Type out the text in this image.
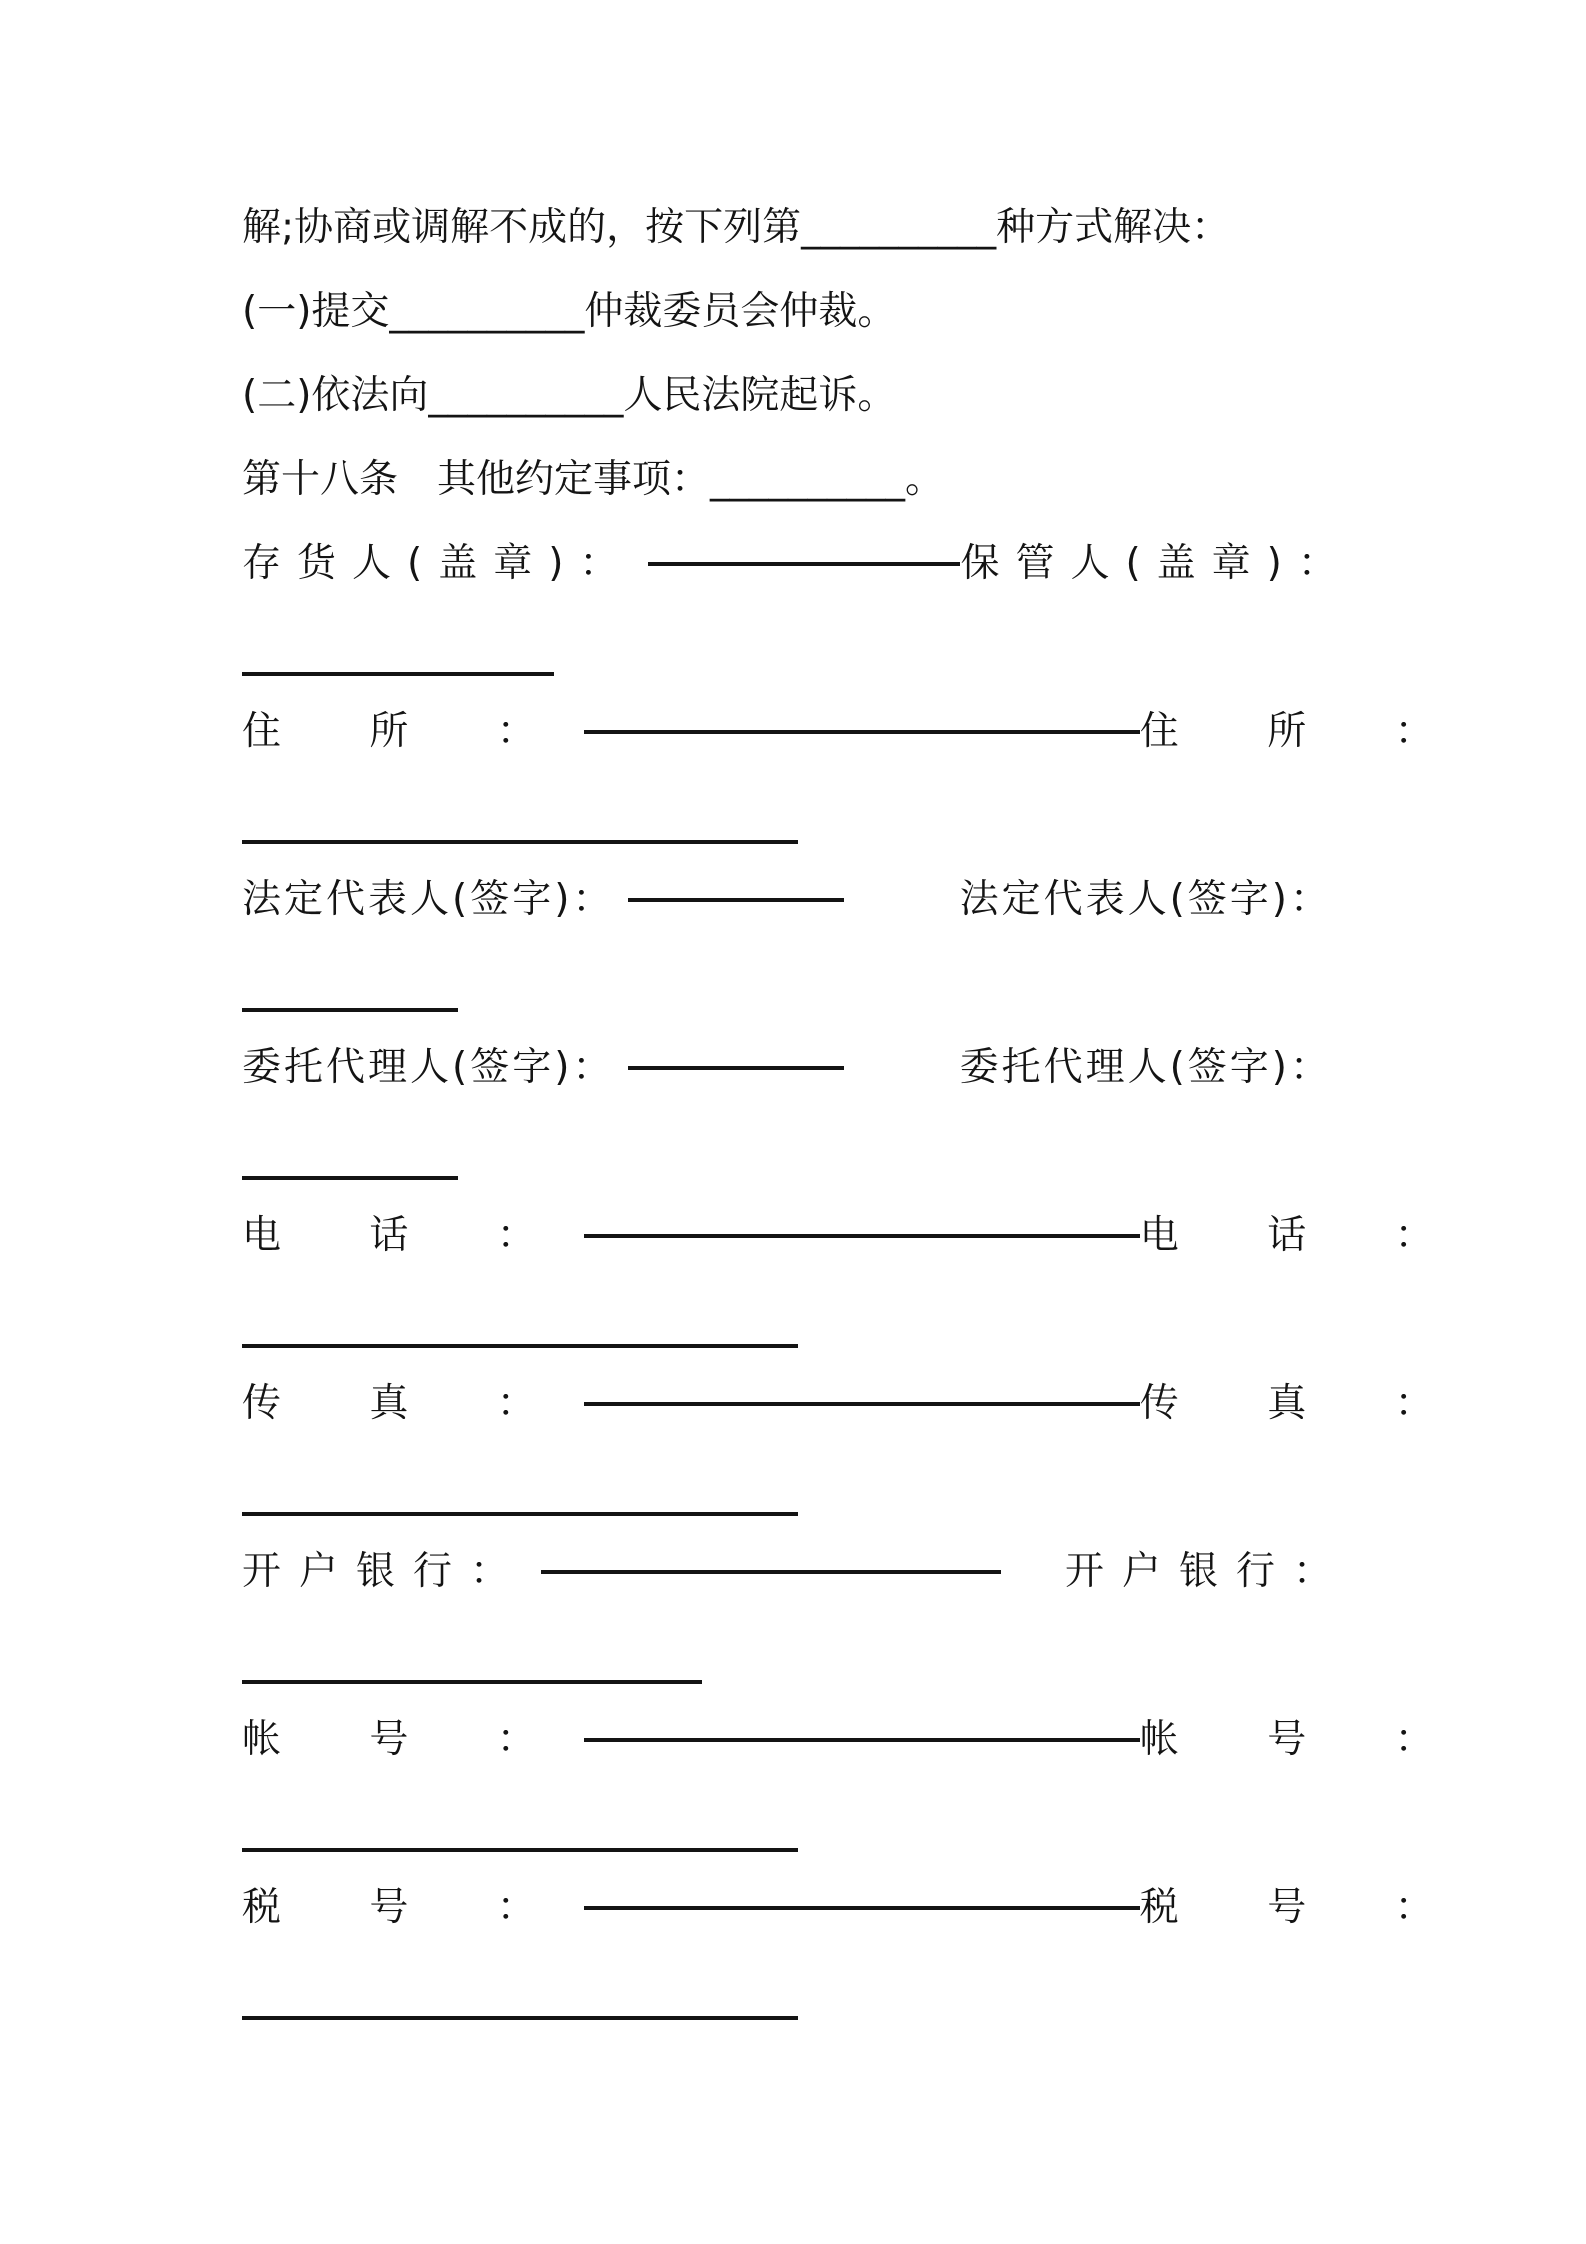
解;协商或调解不成的，按下列第__________种方式解决：
(一)提交__________仲裁委员会仲裁。
(二)依法向__________人民法院起诉。
第十八条　其他约定事项：__________。
存货人(盖章)：	保管人(盖章)：
住 所 ：	住 所 ：
法定代表人(签字)：	法定代表人(签字)：
委托代理人(签字)：	委托代理人(签字)：
电 话 ：	电 话 ：
传 真 ：	传 真 ：
开户银行：	开户银行：
帐 号 ：	帐 号 ：
税 号 ：	税 号 ：
